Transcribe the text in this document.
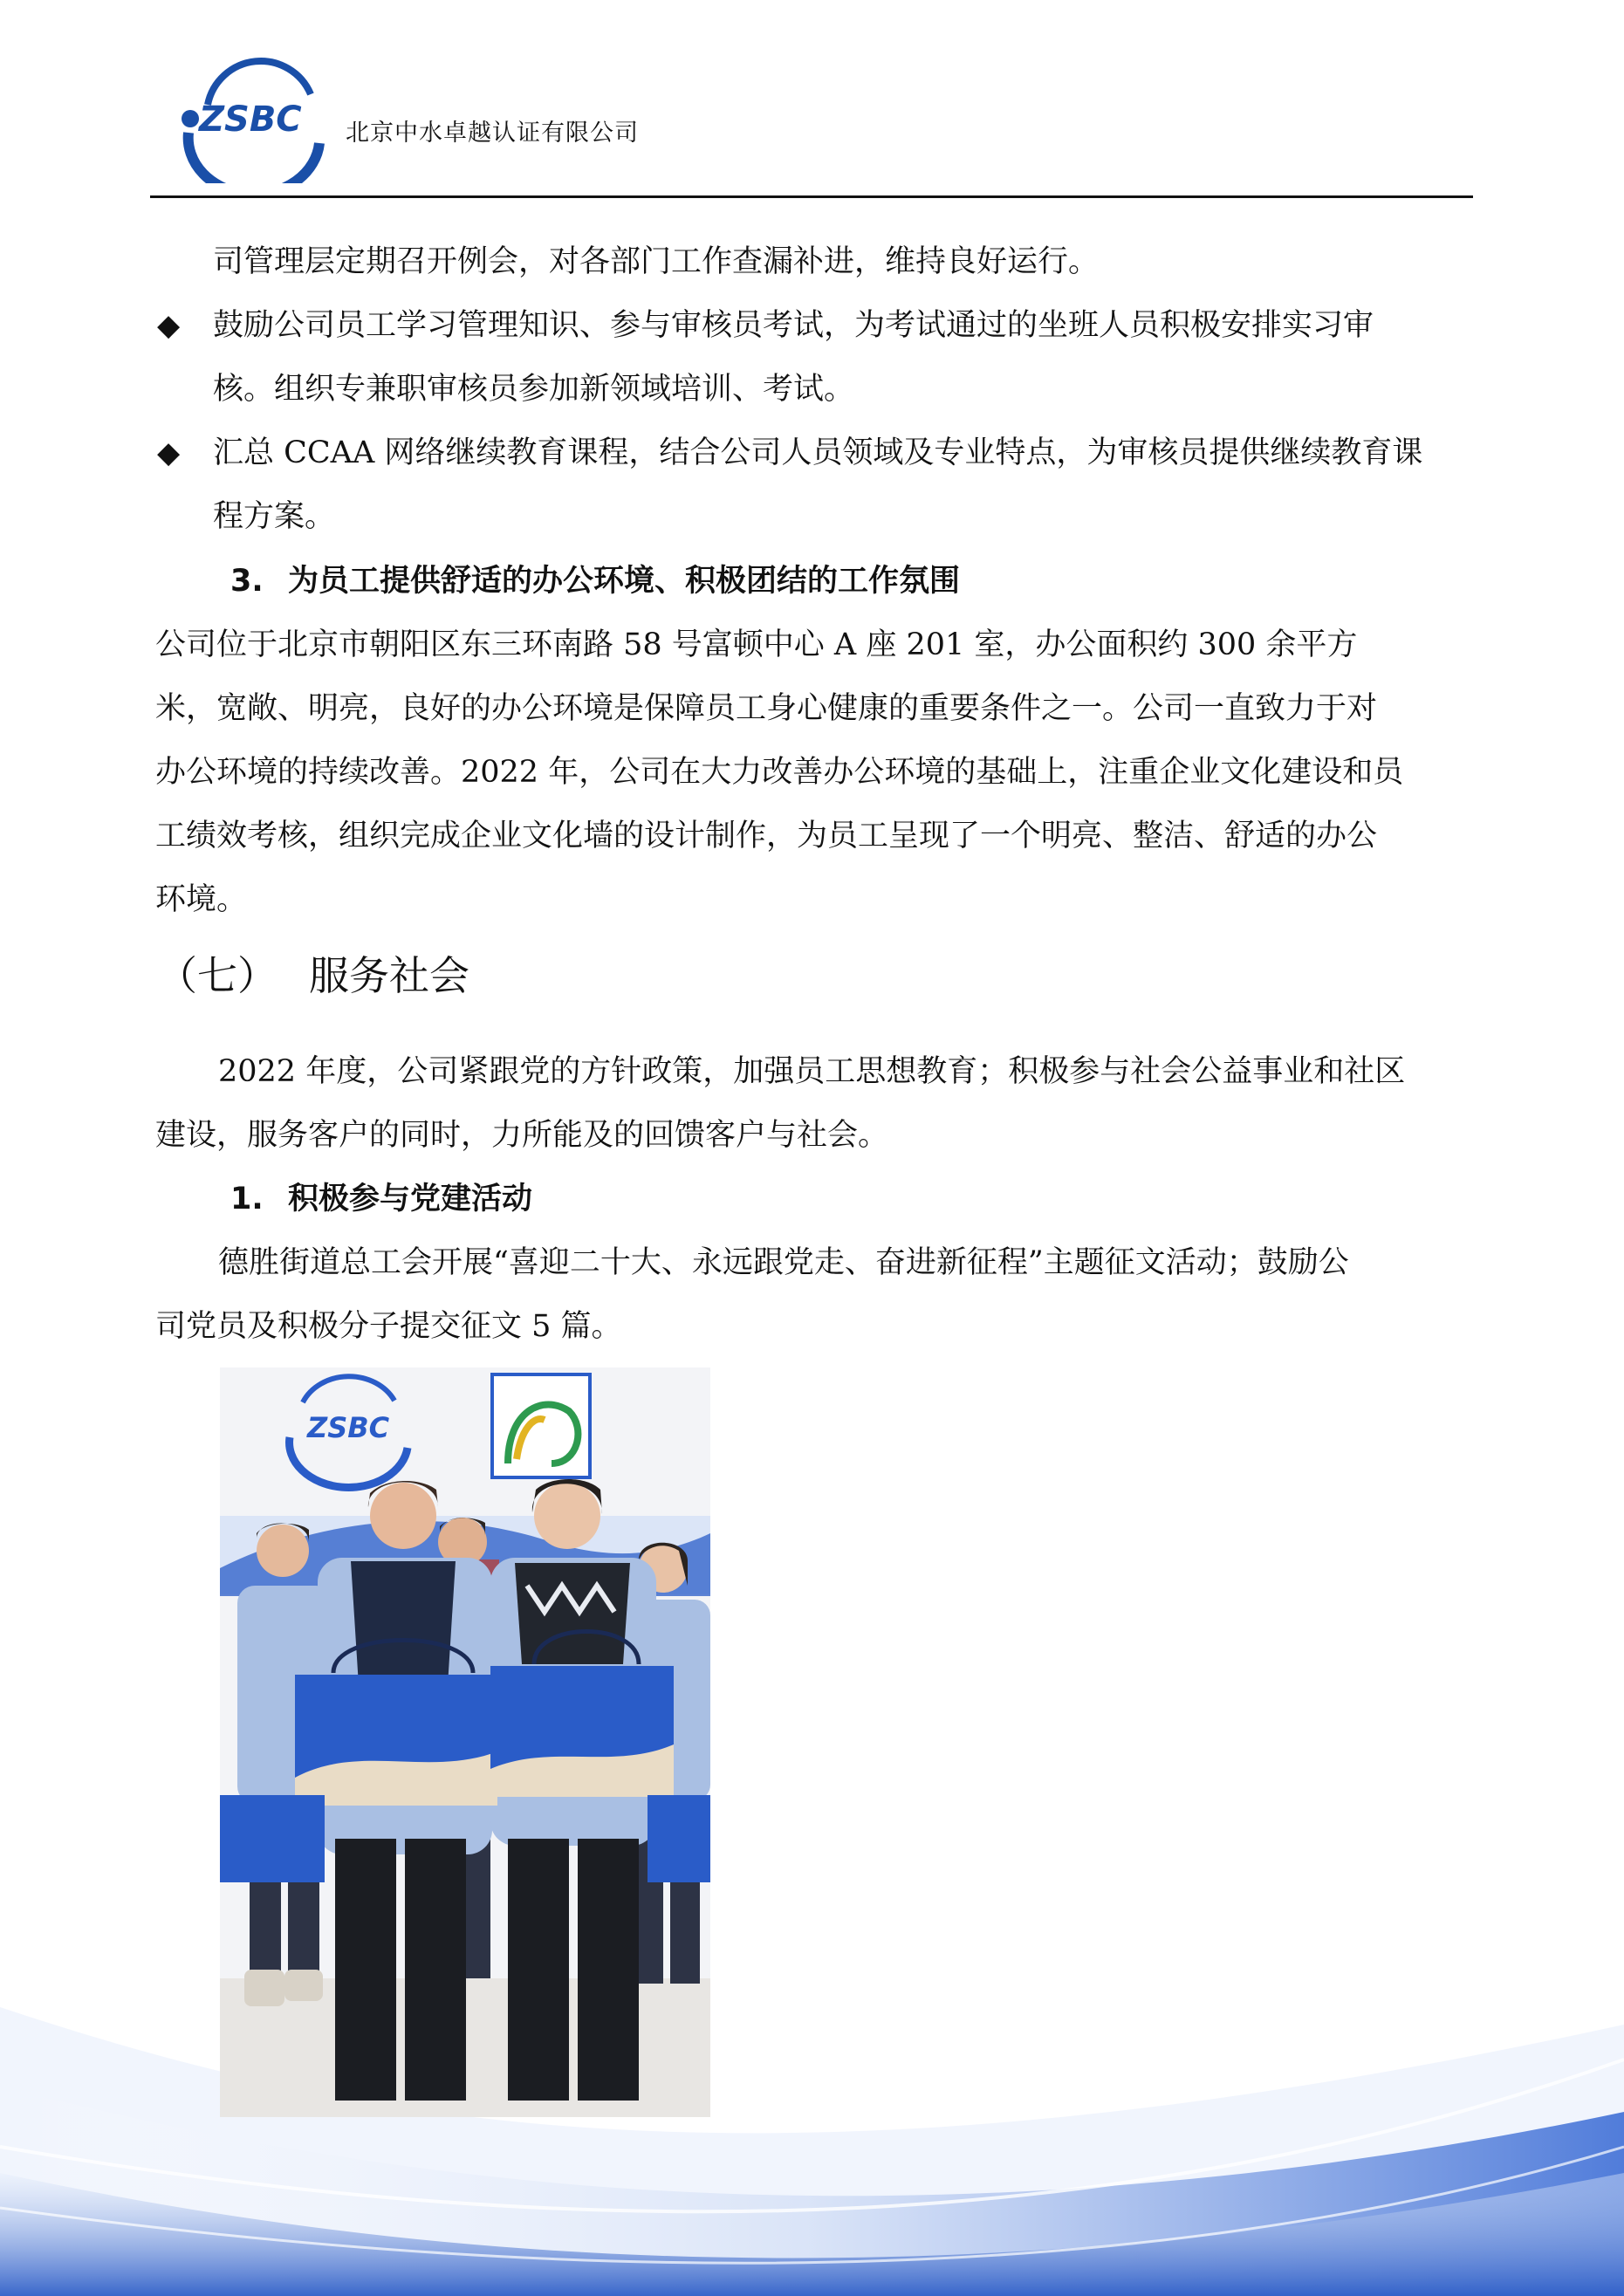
ZSBC 北京中水卓越认证有限公司
司管理层定期召开例会，对各部门工作查漏补进，维持良好运行。
◆ 鼓励公司员工学习管理知识、参与审核员考试，为考试通过的坐班人员积极安排实习审
核。组织专兼职审核员参加新领域培训、考试。
◆ 汇总 CCAA 网络继续教育课程，结合公司人员领域及专业特点，为审核员提供继续教育课
程方案。
3. 为员工提供舒适的办公环境、积极团结的工作氛围
公司位于北京市朝阳区东三环南路 58 号富顿中心 A 座 201 室，办公面积约 300 余平方
米，宽敞、明亮，良好的办公环境是保障员工身心健康的重要条件之一。公司一直致力于对
办公环境的持续改善。2022 年，公司在大力改善办公环境的基础上，注重企业文化建设和员
工绩效考核，组织完成企业文化墙的设计制作，为员工呈现了一个明亮、整洁、舒适的办公
环境。
（七） 服务社会
2022 年度，公司紧跟党的方针政策，加强员工思想教育；积极参与社会公益事业和社区
建设，服务客户的同时，力所能及的回馈客户与社会。
1. 积极参与党建活动
德胜街道总工会开展“喜迎二十大、永远跟党走、奋进新征程”主题征文活动；鼓励公
司党员及积极分子提交征文 5 篇。
ZSBC
